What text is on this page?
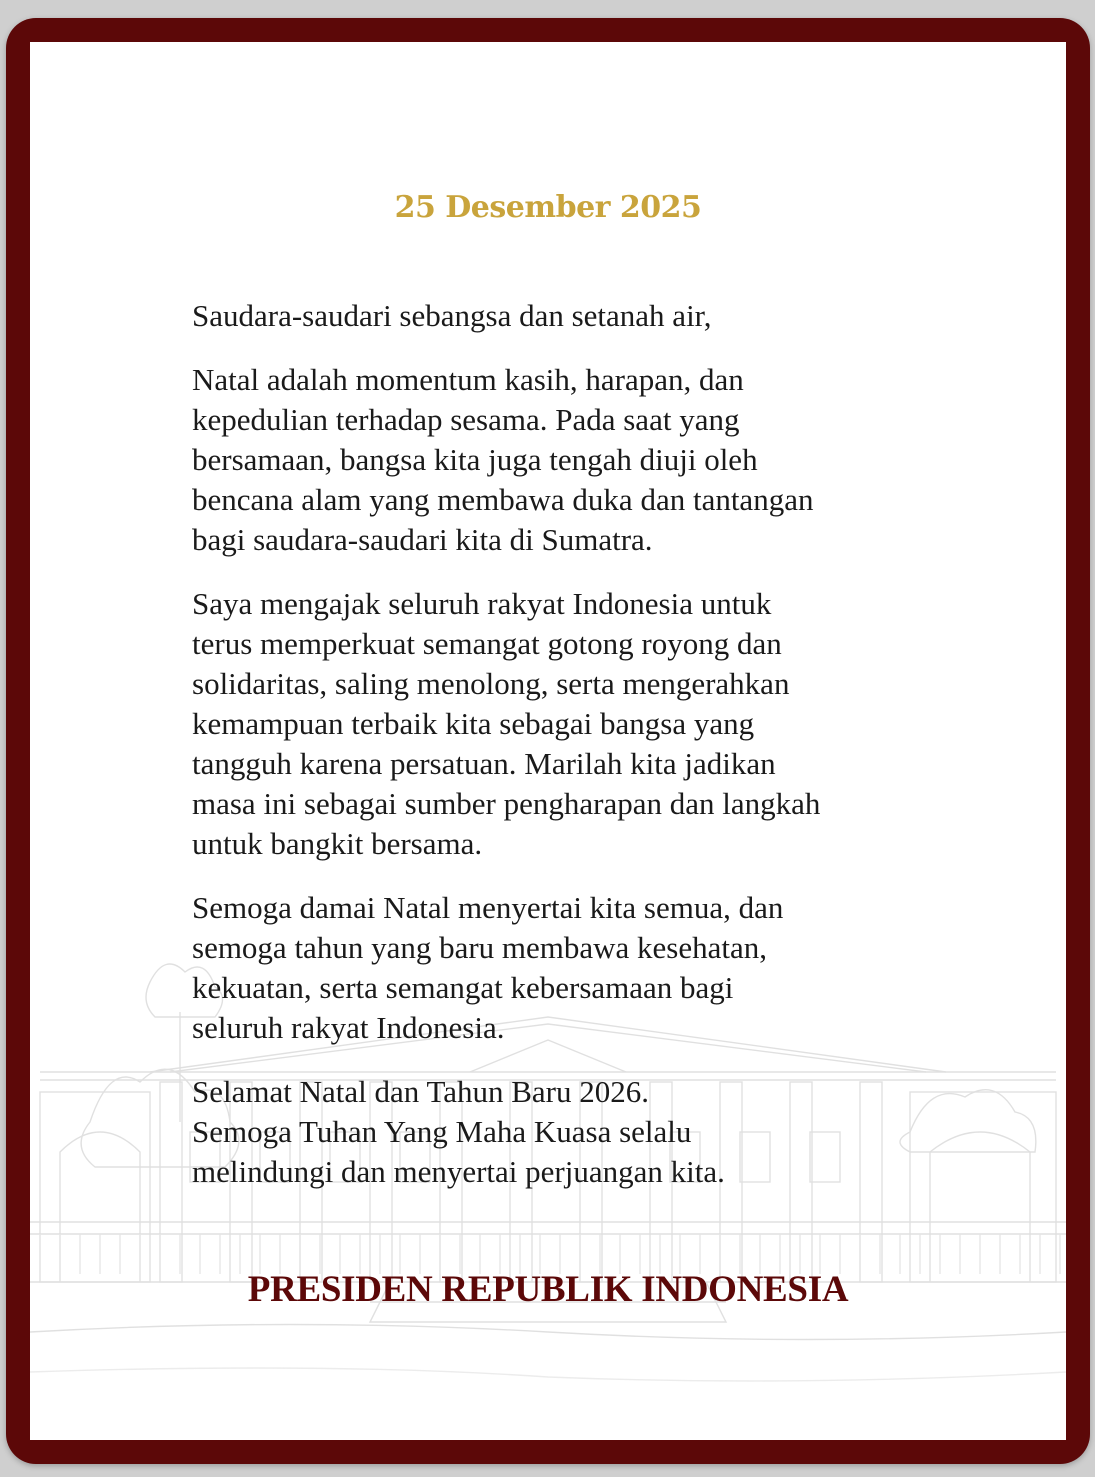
25 Desember 2025

Saudara-saudari sebangsa dan setanah air,

Natal adalah momentum kasih, harapan, dan
kepedulian terhadap sesama. Pada saat yang
bersamaan, bangsa kita juga tengah diuji oleh
bencana alam yang membawa duka dan tantangan
bagi saudara-saudari kita di Sumatra.

Saya mengajak seluruh rakyat Indonesia untuk
terus memperkuat semangat gotong royong dan
solidaritas, saling menolong, serta mengerahkan
kemampuan terbaik kita sebagai bangsa yang
tangguh karena persatuan. Marilah kita jadikan
masa ini sebagai sumber pengharapan dan langkah
untuk bangkit bersama.

Semoga damai Natal menyertai kita semua, dan
semoga tahun yang baru membawa kesehatan,
kekuatan, serta semangat kebersamaan bagi
seluruh rakyat Indonesia.

Selamat Natal dan Tahun Baru 2026.
Semoga Tuhan Yang Maha Kuasa selalu
melindungi dan menyertai perjuangan kita.

PRESIDEN REPUBLIK INDONESIA
